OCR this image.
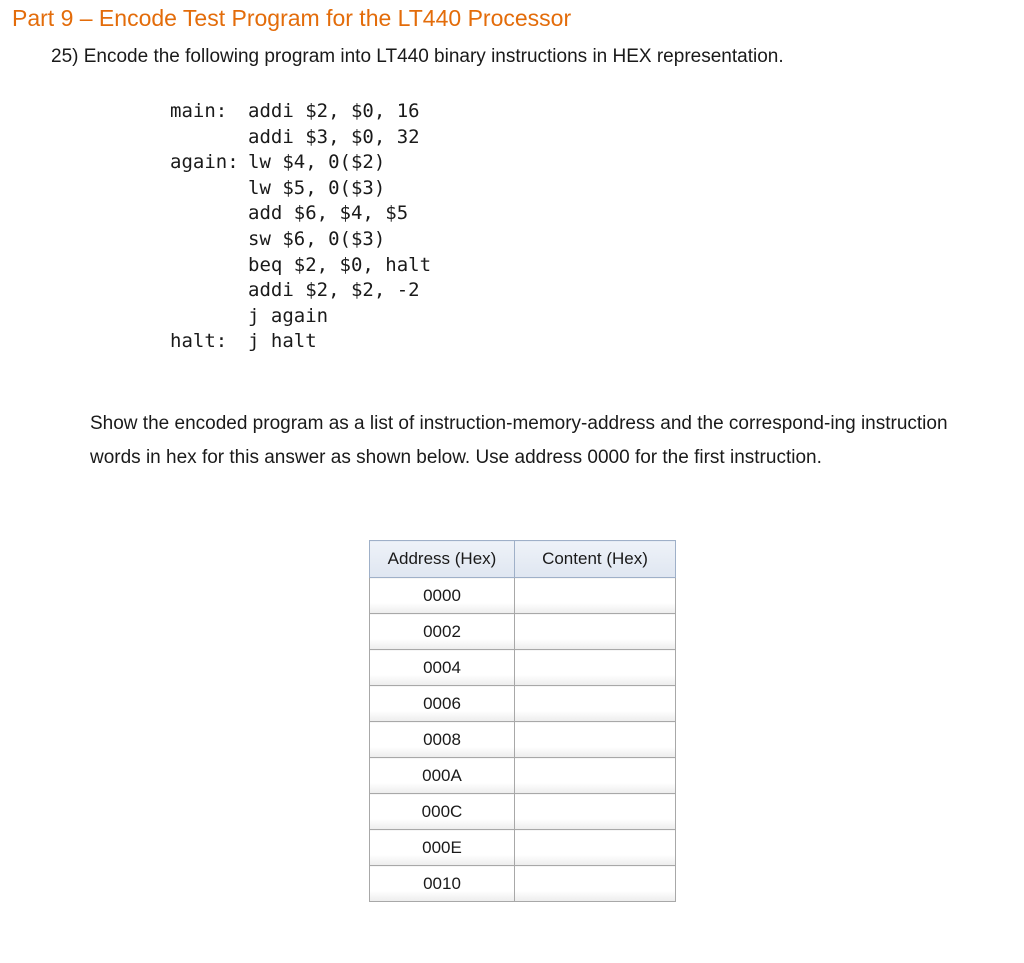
Part 9 – Encode Test Program for the LT440 Processor
25) Encode the following program into LT440 binary instructions in HEX representation.
main:	addi $2, $0, 16
addi $3, $0, 32
again: lw $4, 0($2)
lw $5, 0($3)
add $6, $4, $5
sw $6, 0($3)
beq $2, $0, halt
addi $2, $2, -2
j again
halt:	j halt
Show the encoded program as a list of instruction-memory-address and the correspond-ing instruction words in hex for this answer as shown below. Use address 0000 for the first instruction.
Address (Hex)	Content (Hex)
0000	
0002	
0004	
0006	
0008	
000A	
000C	
000E	
0010	
